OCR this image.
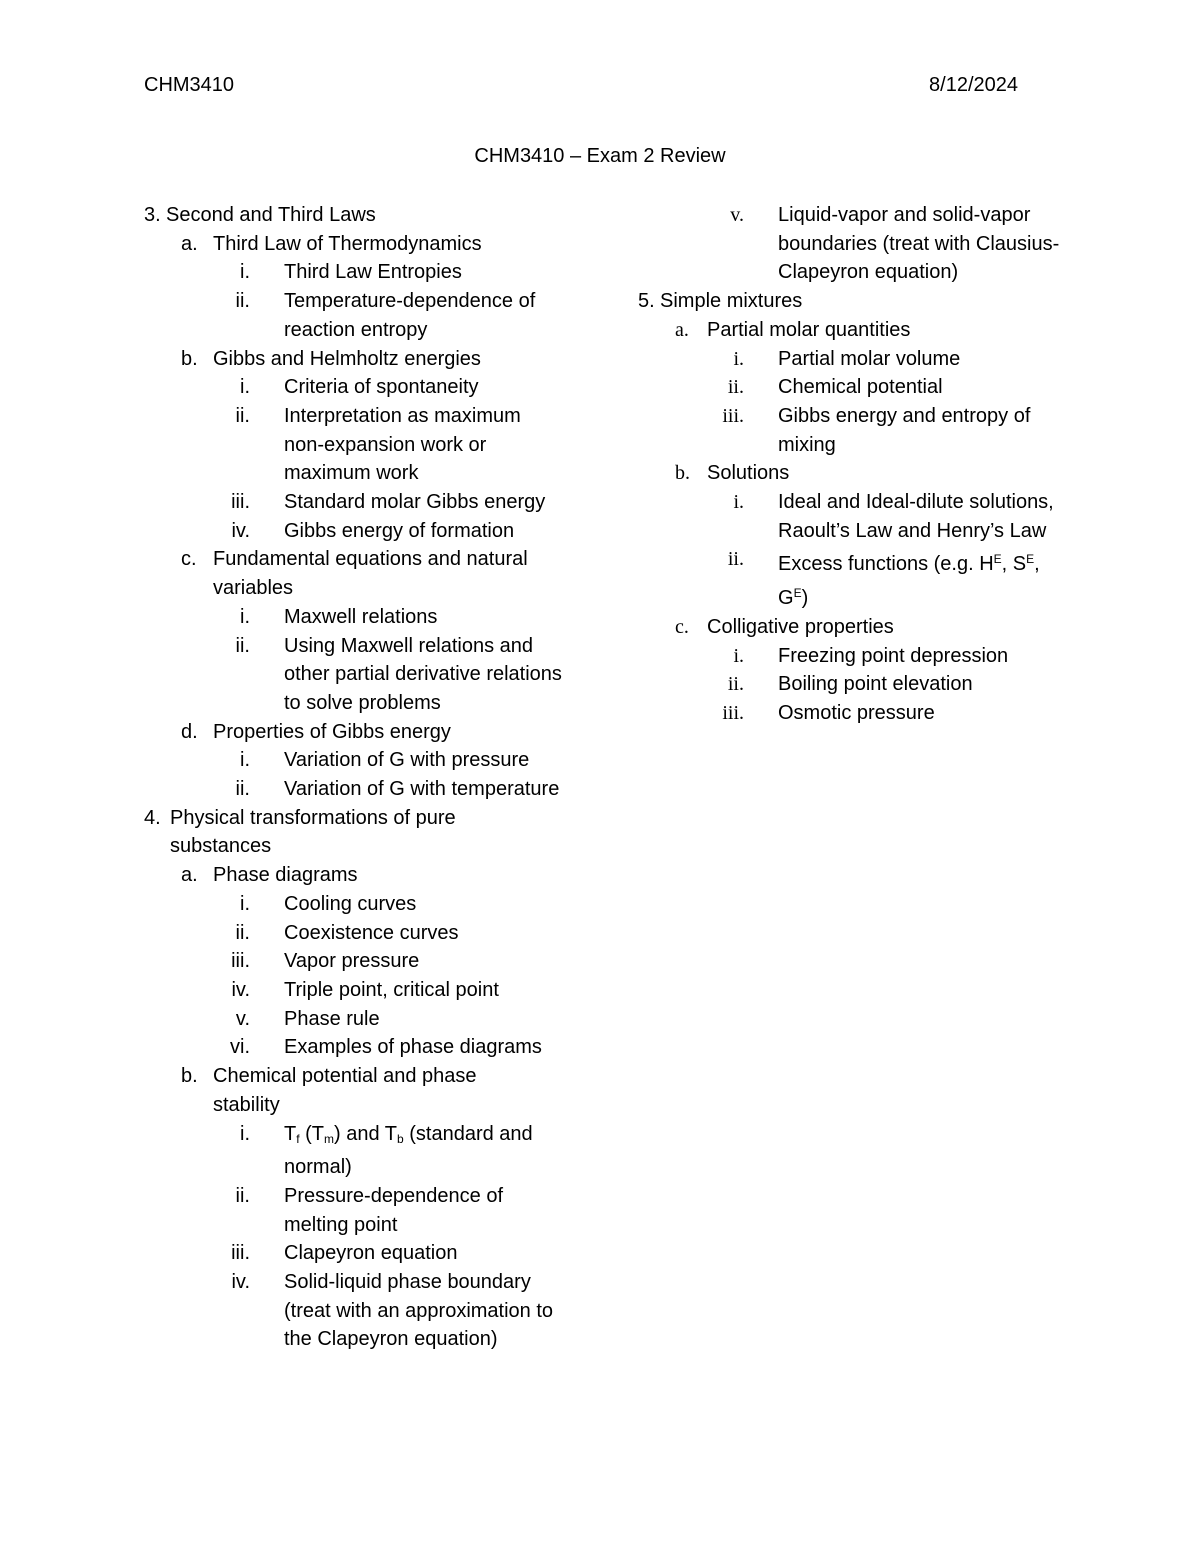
CHM3410	8/12/2024
CHM3410 – Exam 2 Review
3. Second and Third Laws
a. Third Law of Thermodynamics
i.	Third Law Entropies
ii.	Temperature-dependence of reaction entropy
b. Gibbs and Helmholtz energies
i.	Criteria of spontaneity
ii.	Interpretation as maximum non-expansion work or maximum work
iii.	Standard molar Gibbs energy
iv.	Gibbs energy of formation
c. Fundamental equations and natural variables
i.	Maxwell relations
ii.	Using Maxwell relations and other partial derivative relations to solve problems
d. Properties of Gibbs energy
i.	Variation of G with pressure
ii.	Variation of G with temperature
4. Physical transformations of pure substances
a. Phase diagrams
i.	Cooling curves
ii.	Coexistence curves
iii.	Vapor pressure
iv.	Triple point, critical point
v.	Phase rule
vi.	Examples of phase diagrams
b. Chemical potential and phase stability
i.	$T_f$ $(T_m)$ and $T_b$ (standard and normal)
ii.	Pressure-dependence of melting point
iii.	Clapeyron equation
iv.	Solid-liquid phase boundary (treat with an approximation to the Clapeyron equation)
v.	Liquid-vapor and solid-vapor boundaries (treat with Clausius-Clapeyron equation)
5. Simple mixtures
a. Partial molar quantities
i.	Partial molar volume
ii.	Chemical potential
iii.	Gibbs energy and entropy of mixing
b. Solutions
i.	Ideal and Ideal-dilute solutions, Raoult’s Law and Henry’s Law
ii.	Excess functions (e.g. $H^E$, $S^E$, $G^E$)
c. Colligative properties
i.	Freezing point depression
ii.	Boiling point elevation
iii.	Osmotic pressure
